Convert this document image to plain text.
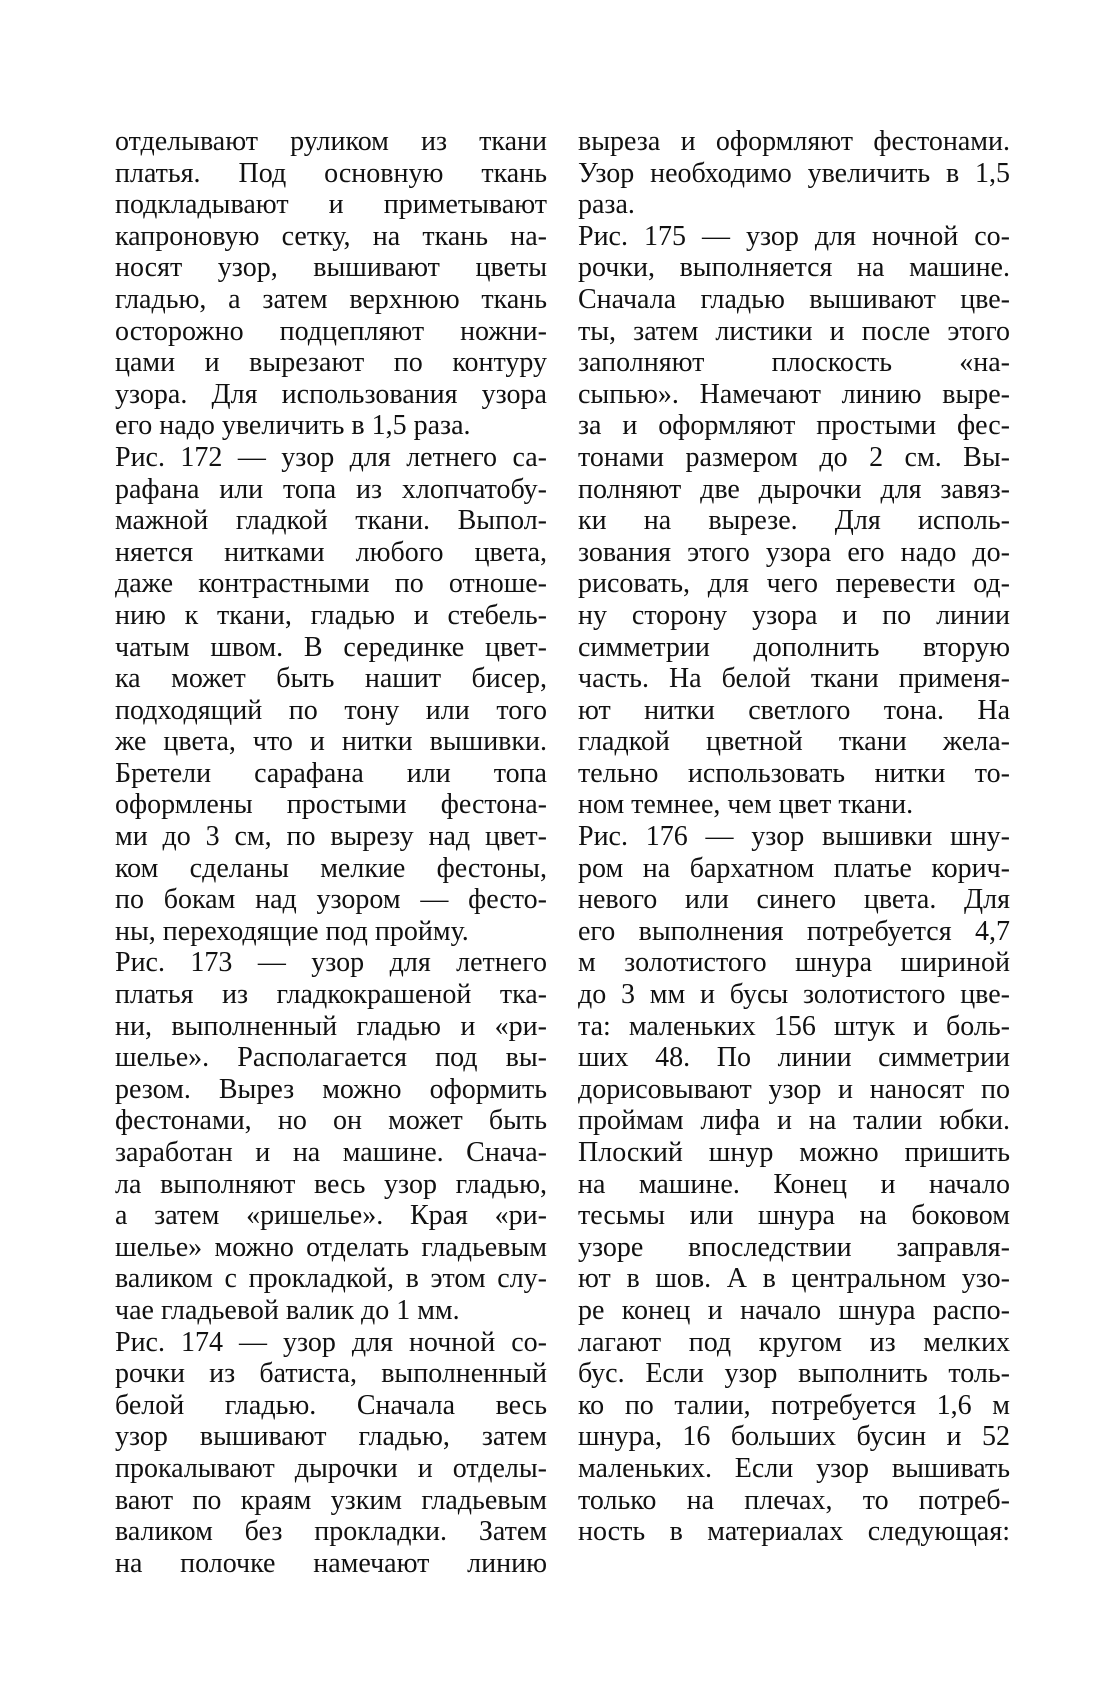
отделывают руликом из ткани
платья. Под основную ткань
подкладывают и приметывают
капроновую сетку, на ткань на-
носят узор, вышивают цветы
гладью, а затем верхнюю ткань
осторожно подцепляют ножни-
цами и вырезают по контуру
узора. Для использования узора
его надо увеличить в 1,5 раза.
Рис. 172 — узор для летнего са-
рафана или топа из хлопчатобу-
мажной гладкой ткани. Выпол-
няется нитками любого цвета,
даже контрастными по отноше-
нию к ткани, гладью и стебель-
чатым швом. В серединке цвет-
ка может быть нашит бисер,
подходящий по тону или того
же цвета, что и нитки вышивки.
Бретели сарафана или топа
оформлены простыми фестона-
ми до 3 см, по вырезу над цвет-
ком сделаны мелкие фестоны,
по бокам над узором — фесто-
ны, переходящие под пройму.
Рис. 173 — узор для летнего
платья из гладкокрашеной тка-
ни, выполненный гладью и «ри-
шелье». Располагается под вы-
резом. Вырез можно оформить
фестонами, но он может быть
заработан и на машине. Снача-
ла выполняют весь узор гладью,
а затем «ришелье». Края «ри-
шелье» можно отделать гладьевым
валиком с прокладкой, в этом слу-
чае гладьевой валик до 1 мм.
Рис. 174 — узор для ночной со-
рочки из батиста, выполненный
белой гладью. Сначала весь
узор вышивают гладью, затем
прокалывают дырочки и отделы-
вают по краям узким гладьевым
валиком без прокладки. Затем
на полочке намечают линию
выреза и оформляют фестонами.
Узор необходимо увеличить в 1,5
раза.
Рис. 175 — узор для ночной со-
рочки, выполняется на машине.
Сначала гладью вышивают цве-
ты, затем листики и после этого
заполняют плоскость «на-
сыпью». Намечают линию выре-
за и оформляют простыми фес-
тонами размером до 2 см. Вы-
полняют две дырочки для завяз-
ки на вырезе. Для исполь-
зования этого узора его надо до-
рисовать, для чего перевести од-
ну сторону узора и по линии
симметрии дополнить вторую
часть. На белой ткани применя-
ют нитки светлого тона. На
гладкой цветной ткани жела-
тельно использовать нитки то-
ном темнее, чем цвет ткани.
Рис. 176 — узор вышивки шну-
ром на бархатном платье корич-
невого или синего цвета. Для
его выполнения потребуется 4,7
м золотистого шнура шириной
до 3 мм и бусы золотистого цве-
та: маленьких 156 штук и боль-
ших 48. По линии симметрии
дорисовывают узор и наносят по
проймам лифа и на талии юбки.
Плоский шнур можно пришить
на машине. Конец и начало
тесьмы или шнура на боковом
узоре впоследствии заправля-
ют в шов. А в центральном узо-
ре конец и начало шнура распо-
лагают под кругом из мелких
бус. Если узор выполнить толь-
ко по талии, потребуется 1,6 м
шнура, 16 больших бусин и 52
маленьких. Если узор вышивать
только на плечах, то потреб-
ность в материалах следующая:
